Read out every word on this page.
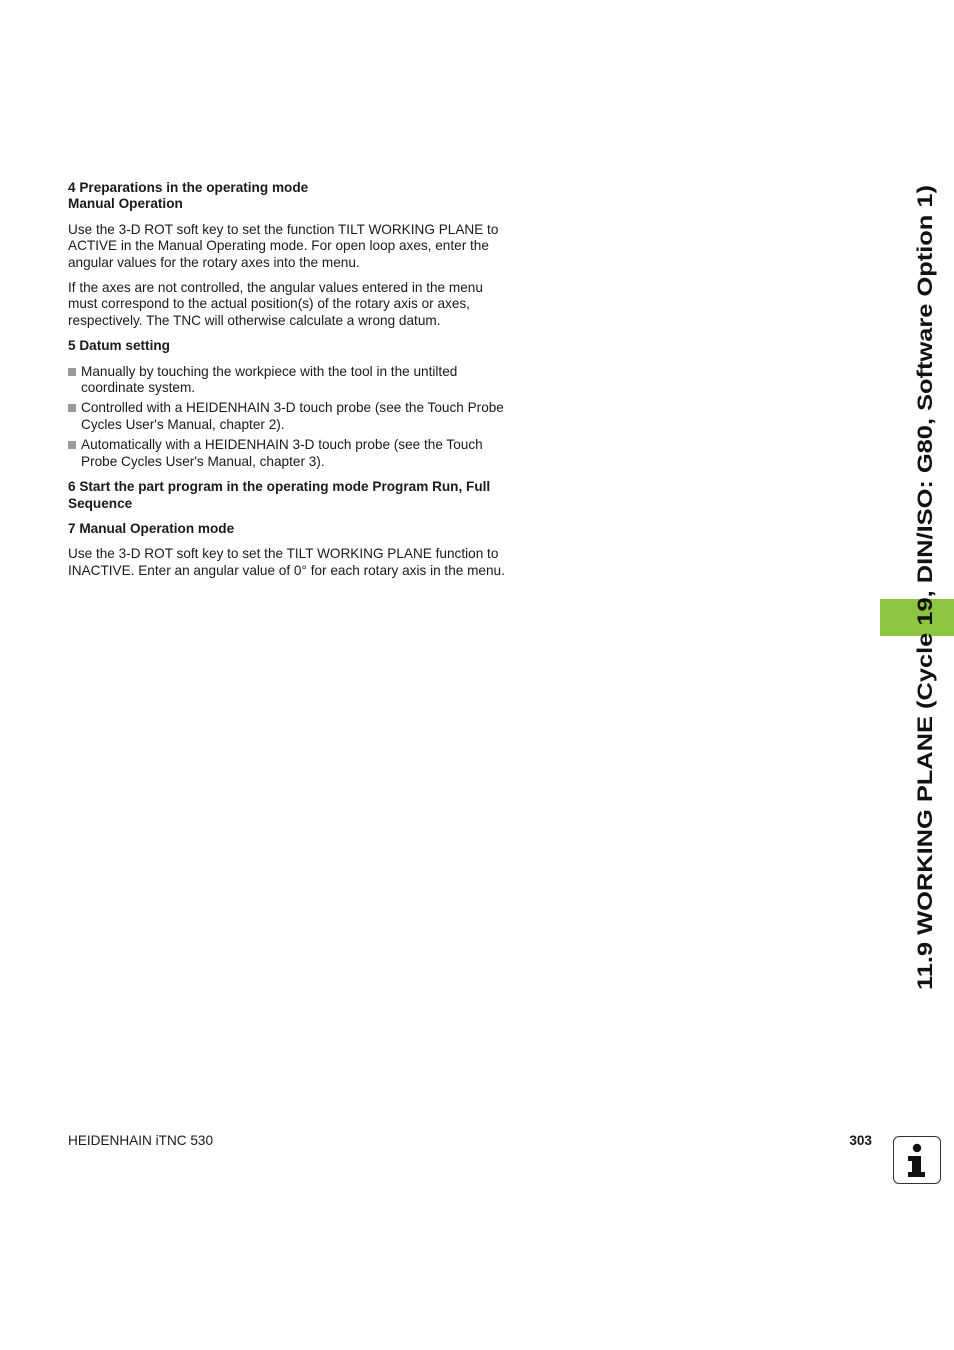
4 Preparations in the operating mode
Manual Operation

Use the 3-D ROT soft key to set the function TILT WORKING PLANE to ACTIVE in the Manual Operating mode. For open loop axes, enter the angular values for the rotary axes into the menu.

If the axes are not controlled, the angular values entered in the menu must correspond to the actual position(s) of the rotary axis or axes, respectively. The TNC will otherwise calculate a wrong datum.

5 Datum setting
Manually by touching the workpiece with the tool in the untilted coordinate system.
Controlled with a HEIDENHAIN 3-D touch probe (see the Touch Probe Cycles User's Manual, chapter 2).
Automatically with a HEIDENHAIN 3-D touch probe (see the Touch Probe Cycles User's Manual, chapter 3).
6 Start the part program in the operating mode Program Run, Full
Sequence
7 Manual Operation mode

Use the 3-D ROT soft key to set the TILT WORKING PLANE function to INACTIVE. Enter an angular value of 0° for each rotary axis in the menu.	11.9 WORKING PLANE (Cycle 19, DIN/ISO: G80, Software Option 1)
HEIDENHAIN iTNC 530	303
